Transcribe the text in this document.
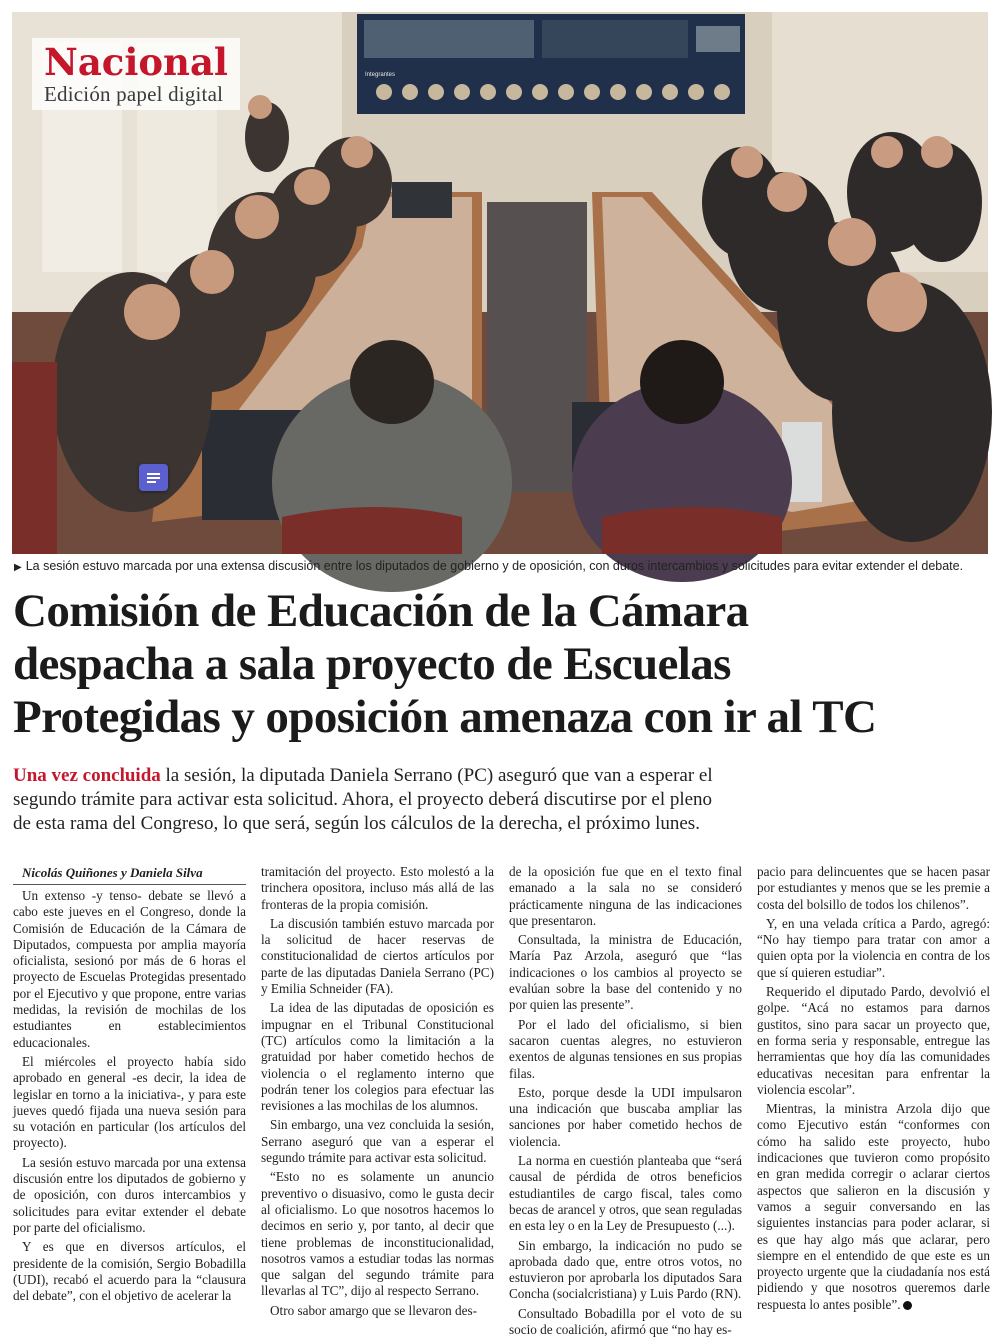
Integrantes
Nacional
Edición papel digital
▶ La sesión estuvo marcada por una extensa discusión entre los diputados de gobierno y de oposición, con duros intercambios y solicitudes para evitar extender el debate.
Comisión de Educación de la Cámara
despacha a sala proyecto de Escuelas
Protegidas y oposición amenaza con ir al TC

Una vez concluida la sesión, la diputada Daniela Serrano (PC) aseguró que van a esperar el segundo trámite para activar esta solicitud. Ahora, el proyecto deberá discutirse por el pleno de esta rama del Congreso, lo que será, según los cálculos de la derecha, el próximo lunes.

Nicolás Quiñones y Daniela Silva

Un extenso -y tenso- debate se llevó a cabo este jueves en el Congreso, donde la Comisión de Educación de la Cámara de Diputados, compuesta por amplia mayoría oficialista, sesionó por más de 6 horas el proyecto de Escuelas Protegidas presentado por el Ejecutivo y que propone, entre varias medidas, la revisión de mochilas de los estudiantes en establecimientos educacionales.

El miércoles el proyecto había sido aprobado en general -es decir, la idea de legislar en torno a la iniciativa-, y para este jueves quedó fijada una nueva sesión para su votación en particular (los artículos del proyecto).

La sesión estuvo marcada por una extensa discusión entre los diputados de gobierno y de oposición, con duros intercambios y solicitudes para evitar extender el debate por parte del oficialismo.

Y es que en diversos artículos, el presidente de la comisión, Sergio Bobadilla (UDI), recabó el acuerdo para la “clausura del debate”, con el objetivo de acelerar la

tramitación del proyecto. Esto molestó a la trinchera opositora, incluso más allá de las fronteras de la propia comisión.

La discusión también estuvo marcada por la solicitud de hacer reservas de constitucionalidad de ciertos artículos por parte de las diputadas Daniela Serrano (PC) y Emilia Schneider (FA).

La idea de las diputadas de oposición es impugnar en el Tribunal Constitucional (TC) artículos como la limitación a la gratuidad por haber cometido hechos de violencia o el reglamento interno que podrán tener los colegios para efectuar las revisiones a las mochilas de los alumnos.

Sin embargo, una vez concluida la sesión, Serrano aseguró que van a esperar el segundo trámite para activar esta solicitud.

“Esto no es solamente un anuncio preventivo o disuasivo, como le gusta decir al oficialismo. Lo que nosotros hacemos lo decimos en serio y, por tanto, al decir que tiene problemas de inconstitucionalidad, nosotros vamos a estudiar todas las normas que salgan del segundo trámite para llevarlas al TC”, dijo al respecto Serrano.

Otro sabor amargo que se llevaron des-

de la oposición fue que en el texto final emanado a la sala no se consideró prácticamente ninguna de las indicaciones que presentaron.

Consultada, la ministra de Educación, María Paz Arzola, aseguró que “las indicaciones o los cambios al proyecto se evalúan sobre la base del contenido y no por quien las presente”.

Por el lado del oficialismo, si bien sacaron cuentas alegres, no estuvieron exentos de algunas tensiones en sus propias filas.

Esto, porque desde la UDI impulsaron una indicación que buscaba ampliar las sanciones por haber cometido hechos de violencia.

La norma en cuestión planteaba que “será causal de pérdida de otros beneficios estudiantiles de cargo fiscal, tales como becas de arancel y otros, que sean reguladas en esta ley o en la Ley de Presupuesto (...).

Sin embargo, la indicación no pudo se aprobada dado que, entre otros votos, no estuvieron por aprobarla los diputados Sara Concha (socialcristiana) y Luis Pardo (RN).

Consultado Bobadilla por el voto de su socio de coalición, afirmó que “no hay es-

pacio para delincuentes que se hacen pasar por estudiantes y menos que se les premie a costa del bolsillo de todos los chilenos”.

Y, en una velada crítica a Pardo, agregó: “No hay tiempo para tratar con amor a quien opta por la violencia en contra de los que sí quieren estudiar”.

Requerido el diputado Pardo, devolvió el golpe. “Acá no estamos para darnos gustitos, sino para sacar un proyecto que, en forma seria y responsable, entregue las herramientas que hoy día las comunidades educativas necesitan para enfrentar la violencia escolar”.

Mientras, la ministra Arzola dijo que como Ejecutivo están “conformes con cómo ha salido este proyecto, hubo indicaciones que tuvieron como propósito en gran medida corregir o aclarar ciertos aspectos que salieron en la discusión y vamos a seguir conversando en las siguientes instancias para poder aclarar, si es que hay algo más que aclarar, pero siempre en el entendido de que este es un proyecto urgente que la ciudadanía nos está pidiendo y que nosotros queremos darle respuesta lo antes posible”.
